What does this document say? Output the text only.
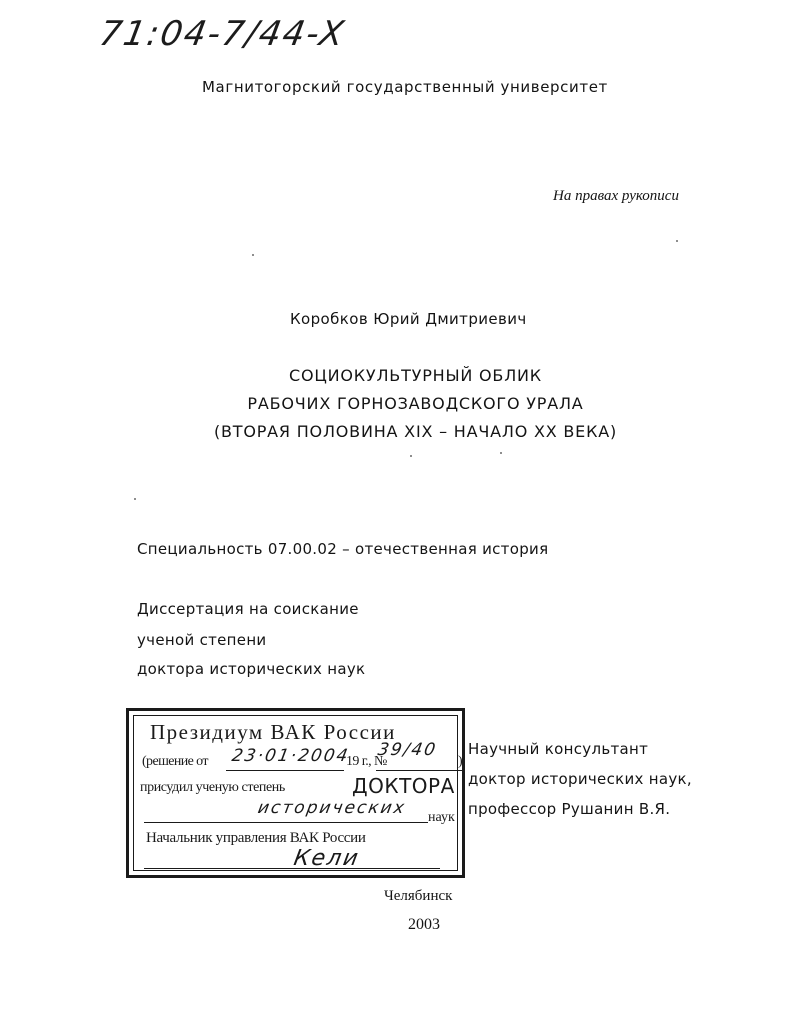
71:04-7/44-X
Магнитогорский государственный университет
На правах рукописи
Коробков Юрий Дмитриевич
СОЦИОКУЛЬТУРНЫЙ ОБЛИК
РАБОЧИХ ГОРНОЗАВОДСКОГО УРАЛА
(ВТОРАЯ ПОЛОВИНА XIX – НАЧАЛО XX ВЕКА)
Специальность 07.00.02 – отечественная история
Диссертация на соискание
ученой степени
доктора исторических наук
Президиум ВАК России
(решение от 23·01·2004
19 г., №
39/40
)
присудил ученую степень	ДОКТОРА
исторических наук
Начальник управления ВАК России
Кели
Научный консультант
доктор исторических наук,
профессор Рушанин В.Я.
Челябинск
2003
